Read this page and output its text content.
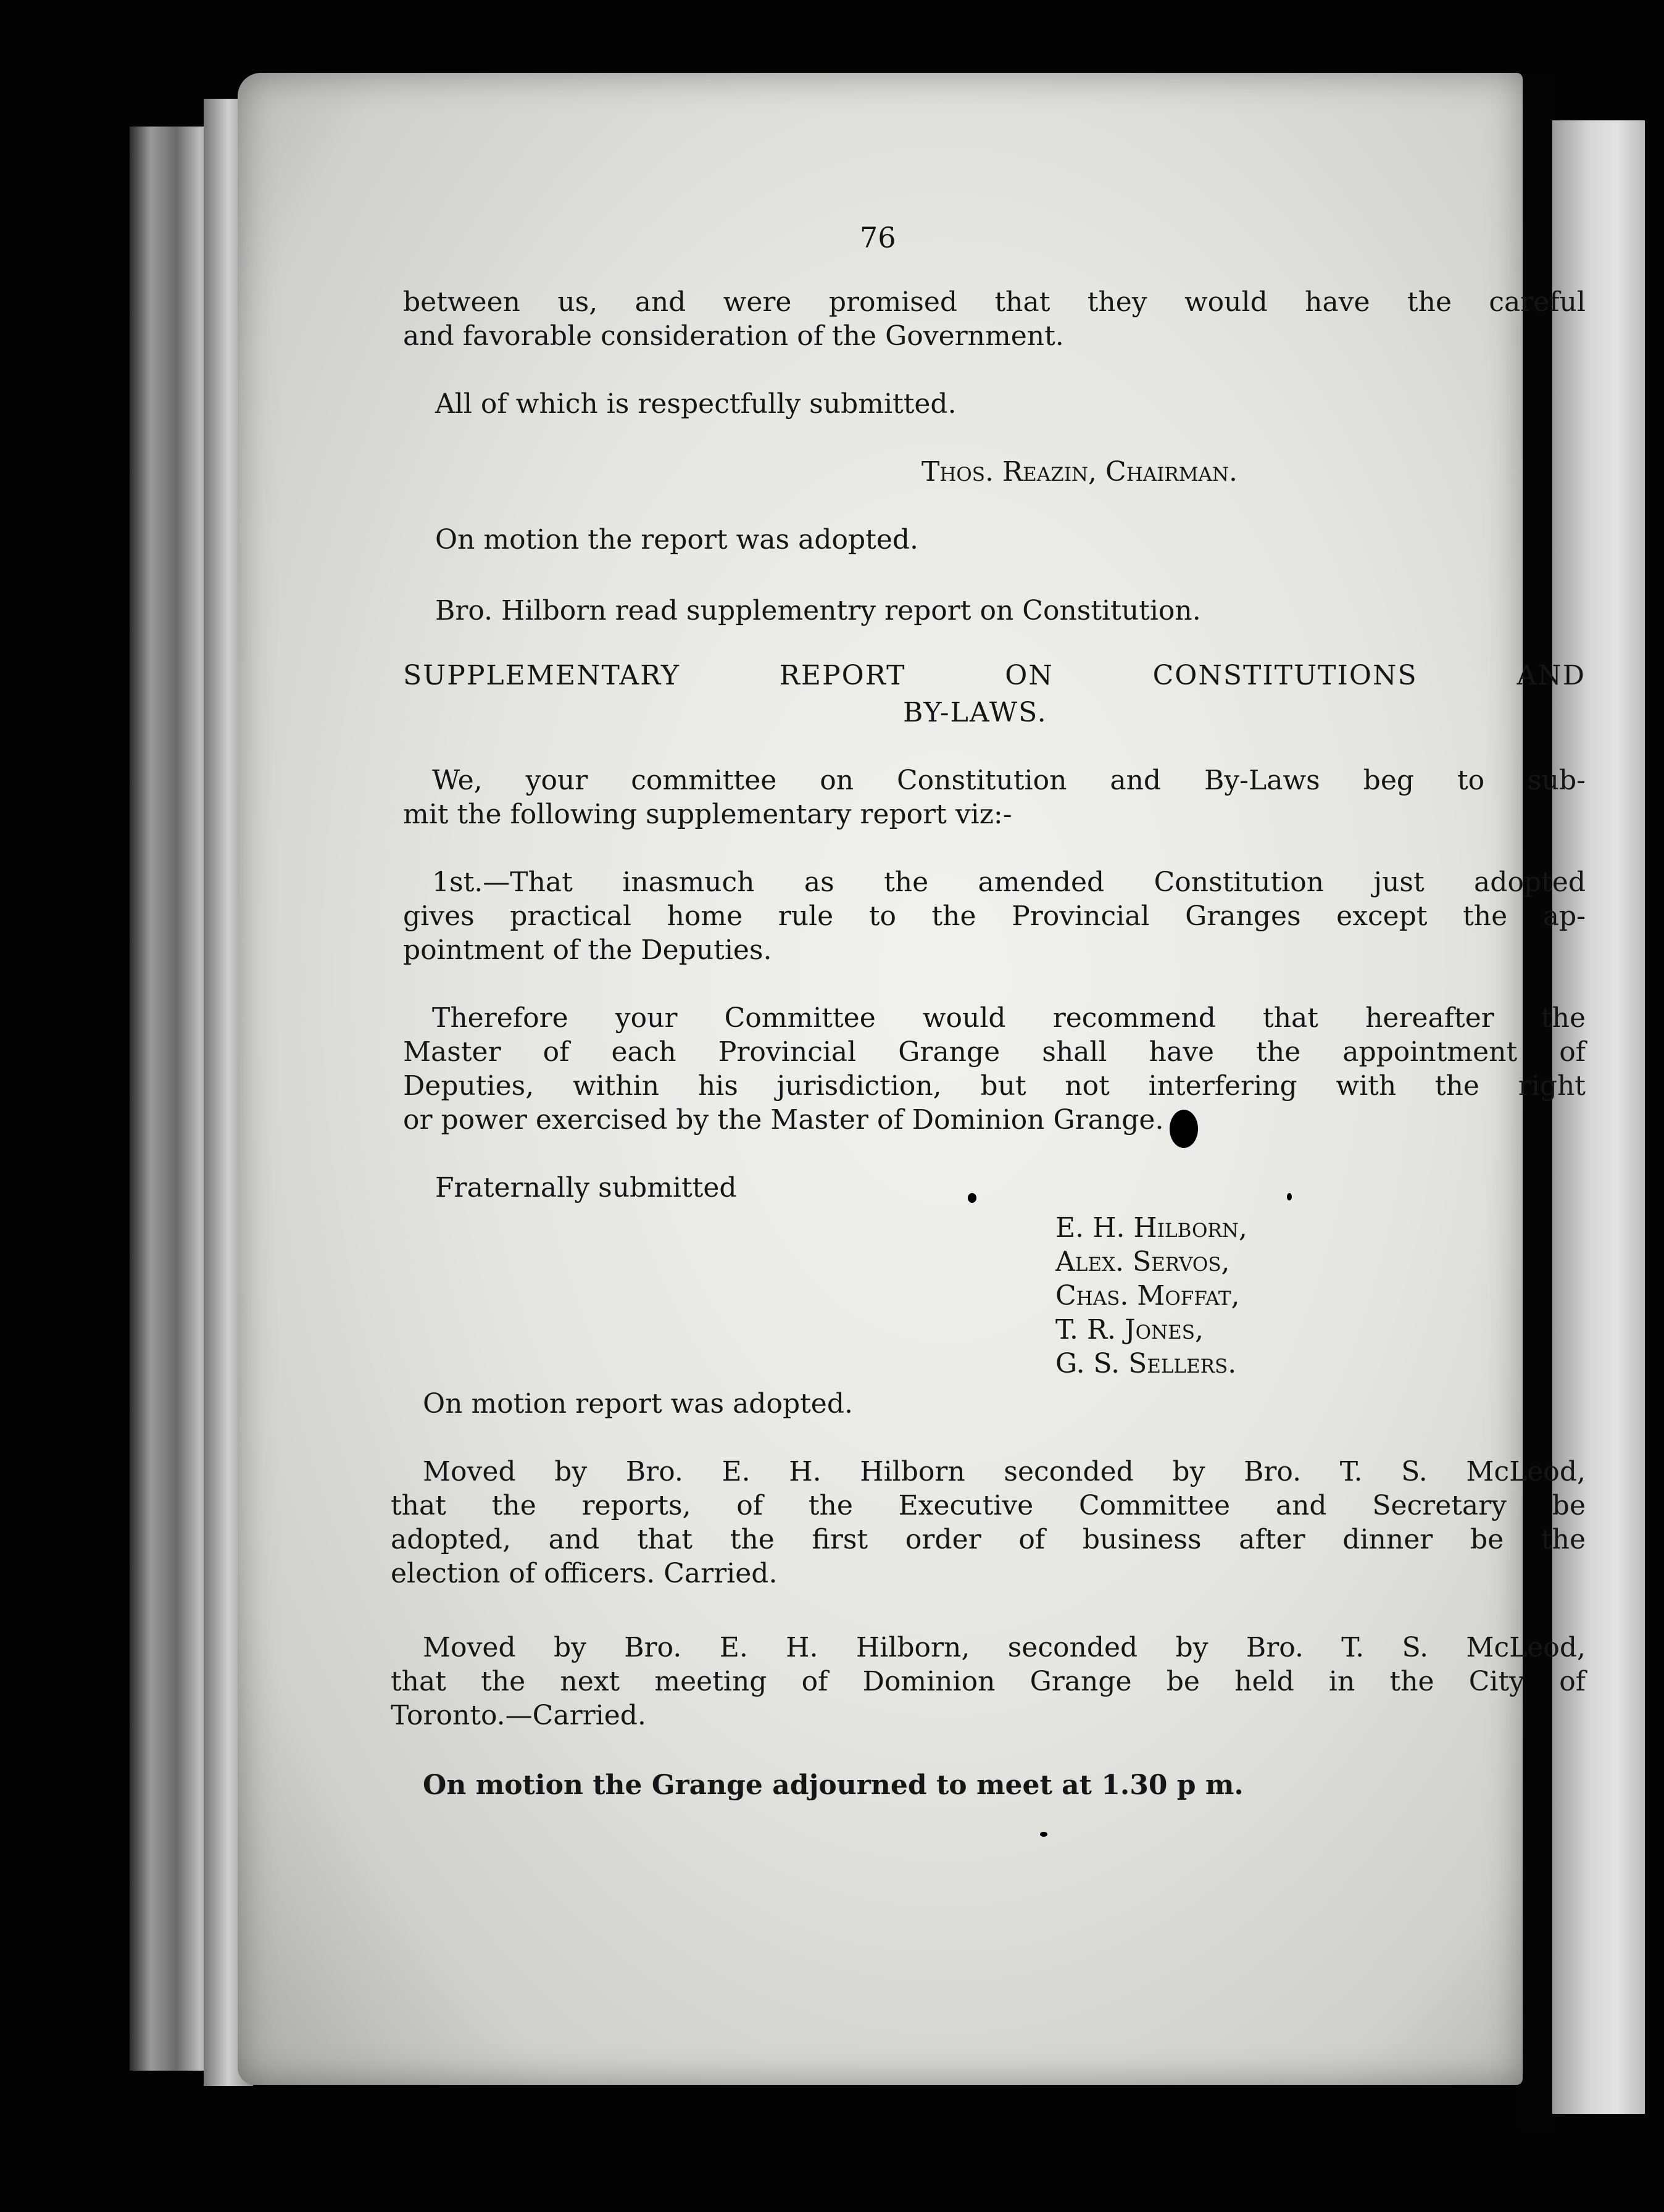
76

between us, and were promised that they would have the careful

and favorable consideration of the Government.

All of which is respectfully submitted.

Thos. Reazin, Chairman.

On motion the report was adopted.

Bro. Hilborn read supplementry report on Constitution.

SUPPLEMENTARY REPORT ON CONSTITUTIONS AND

BY-LAWS.

We, your committee on Constitution and By-Laws beg to sub-

mit the following supplementary report viz:-

1st.—That inasmuch as the amended Constitution just adopted

gives practical home rule to the Provincial Granges except the ap-

pointment of the Deputies.

Therefore your Committee would recommend that hereafter the

Master of each Provincial Grange shall have the appointment of

Deputies, within his jurisdiction, but not interfering with the right

or power exercised by the Master of Dominion Grange.

Fraternally submitted

E. H. Hilborn,

Alex. Servos,

Chas. Moffat,

T. R. Jones,

G. S. Sellers.

On motion report was adopted.

Moved by Bro. E. H. Hilborn seconded by Bro. T. S. McLeod,

that the reports, of the Executive Committee and Secretary be

adopted, and that the first order of business after dinner be the

election of officers. Carried.

Moved by Bro. E. H. Hilborn, seconded by Bro. T. S. McLeod,

that the next meeting of Dominion Grange be held in the City of

Toronto.—Carried.

On motion the Grange adjourned to meet at 1.30 p m.
